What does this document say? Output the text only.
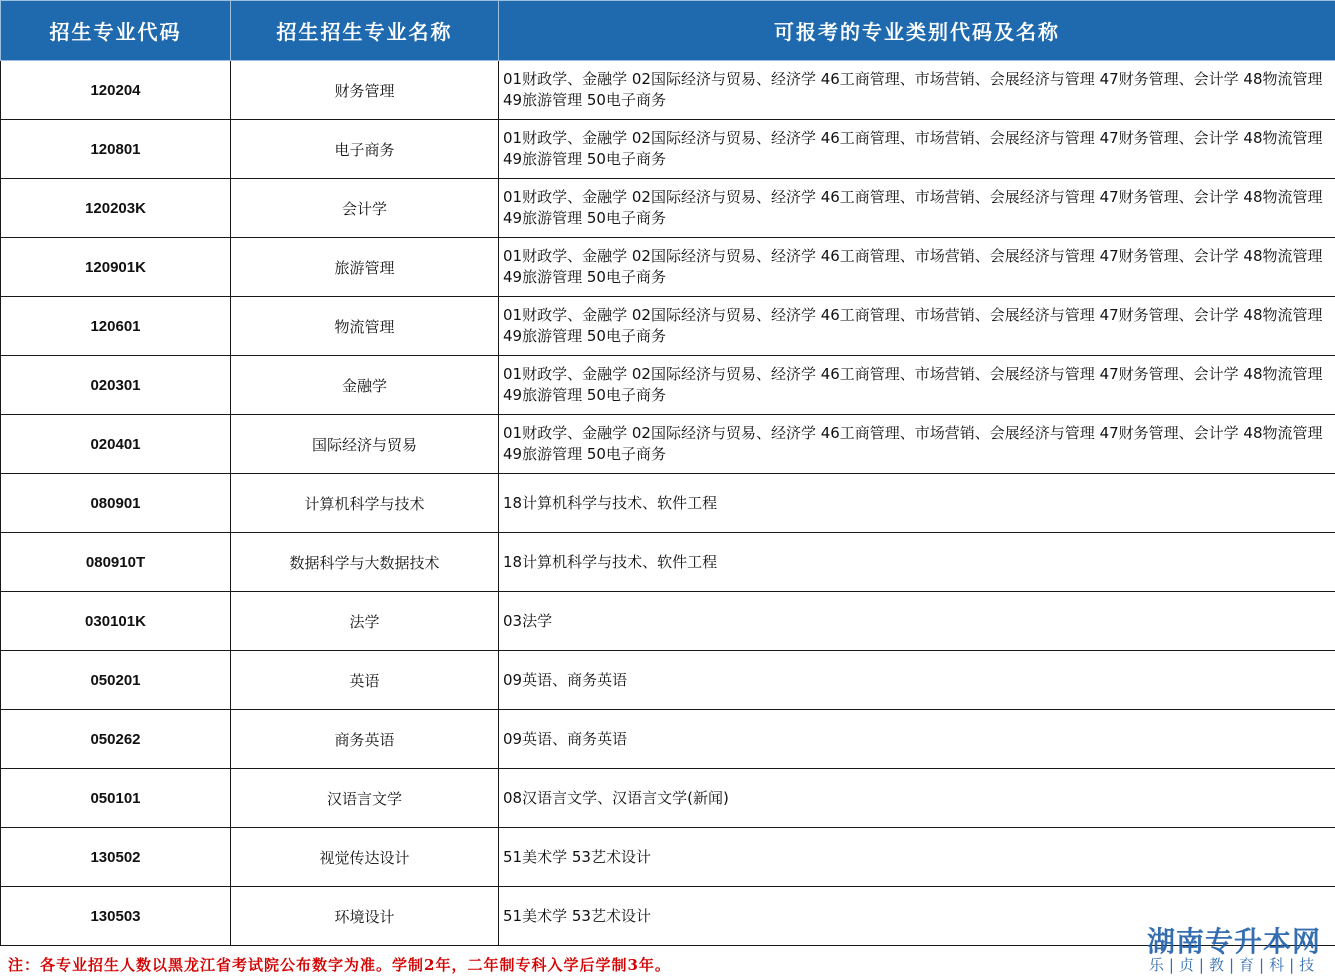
招生专业代码	招生招生专业名称	可报考的专业类别代码及名称
120204	财务管理	01财政学、金融学 02国际经济与贸易、经济学 46工商管理、市场营销、会展经济与管理 47财务管理、会计学 48物流管理 49旅游管理 50电子商务
120801	电子商务	01财政学、金融学 02国际经济与贸易、经济学 46工商管理、市场营销、会展经济与管理 47财务管理、会计学 48物流管理 49旅游管理 50电子商务
120203K	会计学	01财政学、金融学 02国际经济与贸易、经济学 46工商管理、市场营销、会展经济与管理 47财务管理、会计学 48物流管理 49旅游管理 50电子商务
120901K	旅游管理	01财政学、金融学 02国际经济与贸易、经济学 46工商管理、市场营销、会展经济与管理 47财务管理、会计学 48物流管理 49旅游管理 50电子商务
120601	物流管理	01财政学、金融学 02国际经济与贸易、经济学 46工商管理、市场营销、会展经济与管理 47财务管理、会计学 48物流管理 49旅游管理 50电子商务
020301	金融学	01财政学、金融学 02国际经济与贸易、经济学 46工商管理、市场营销、会展经济与管理 47财务管理、会计学 48物流管理 49旅游管理 50电子商务
020401	国际经济与贸易	01财政学、金融学 02国际经济与贸易、经济学 46工商管理、市场营销、会展经济与管理 47财务管理、会计学 48物流管理 49旅游管理 50电子商务
080901	计算机科学与技术	18计算机科学与技术、软件工程
080910T	数据科学与大数据技术	18计算机科学与技术、软件工程
030101K	法学	03法学
050201	英语	09英语、商务英语
050262	商务英语	09英语、商务英语
050101	汉语言文学	08汉语言文学、汉语言文学(新闻)
130502	视觉传达设计	51美术学 53艺术设计
130503	环境设计	51美术学 53艺术设计
注：各专业招生人数以黑龙江省考试院公布数字为准。学制2年，二年制专科入学后学制3年。
湖南专升本网
乐|贞|教|育|科|技
